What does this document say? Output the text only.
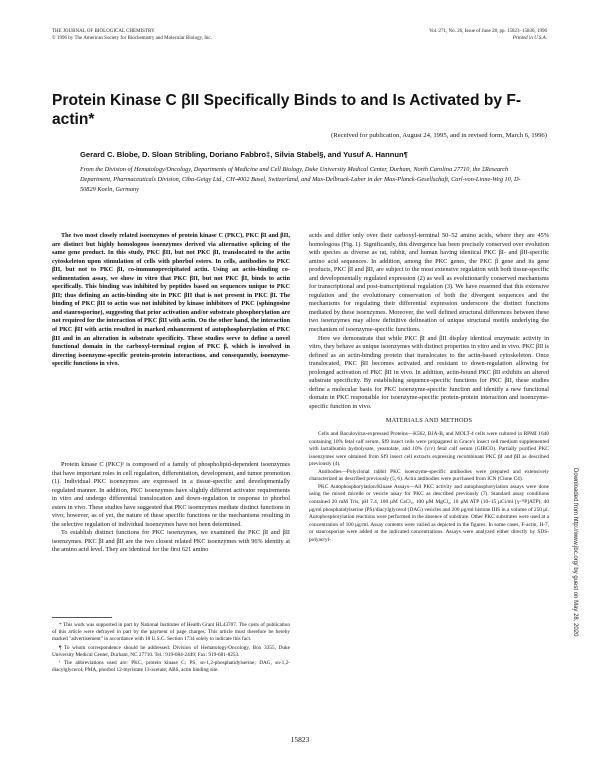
THE JOURNAL OF BIOLOGICAL CHEMISTRY
© 1996 by The American Society for Biochemistry and Molecular Biology, Inc.
Vol. 271, No. 26, Issue of June 28, pp. 15823–15830, 1996
Printed in U.S.A.
Protein Kinase C βII Specifically Binds to and Is Activated by F-actin*
(Received for publication, August 24, 1995, and in revised form, March 6, 1996)
Gerard C. Blobe, D. Sloan Stribling, Doriano Fabbro‡, Silvia Stabel§, and Yusuf A. Hannun¶
From the Division of Hematology/Oncology, Departments of Medicine and Cell Biology, Duke University Medical Center, Durham, North Carolina 27710, the ‡Research Department, Pharmaceuticals Division, Ciba-Geigy Ltd., CH-4002 Basel, Switzerland, and Max-Delbruck-Laber in der Max-Planck-Gesellschaft, Carl-von-Linne-Weg 10, D-50829 Koeln, Germany

The two most closely related isoenzymes of protein kinase C (PKC), PKC βI and βII, are distinct but highly homologous isoenzymes derived via alternative splicing of the same gene product. In this study, PKC βII, but not PKC βI, translocated to the actin cytoskeleton upon stimulation of cells with phorbol esters. In cells, antibodies to PKC βII, but not to PKC βI, co-immunoprecipitated actin. Using an actin-binding co-sedimentation assay, we show in vitro that PKC βII, but not PKC βI, binds to actin specifically. This binding was inhibited by peptides based on sequences unique to PKC βII; thus defining an actin-binding site in PKC βII that is not present in PKC βI. The binding of PKC βII to actin was not inhibited by kinase inhibitors of PKC (sphingosine and staurosporine), suggesting that prior activation and/or substrate phosphorylation are not required for the interaction of PKC βII with actin. On the other hand, the interaction of PKC βII with actin resulted in marked enhancement of autophosphorylation of PKC βII and in an alteration in substrate specificity. These studies serve to define a novel functional domain in the carboxyl-terminal region of PKC β, which is involved in directing isoenzyme-specific protein-protein interactions, and consequently, isoenzyme-specific functions in vivo.

Protein kinase C (PKC)¹ is composed of a family of phospholipid-dependent isoenzymes that have important roles in cell regulation, differentiation, development, and tumor promotion (1). Individual PKC isoenzymes are expressed in a tissue-specific and developmentally regulated manner. In addition, PKC isoenzymes have slightly different activator requirements in vitro and undergo differential translocation and down-regulation in response to phorbol esters in vivo. These studies have suggested that PKC isoenzymes mediate distinct functions in vivo; however, as of yet, the nature of these specific functions or the mechanisms resulting in the selective regulation of individual isoenzymes have not been determined.

To establish distinct functions for PKC isoenzymes, we examined the PKC βI and βII isoenzymes. PKC βI and βII are the two closest related PKC isoenzymes with 96% identity at the amino acid level. They are identical for the first 621 amino

* This work was supported in part by National Institutes of Health Grant HL43707. The costs of publication of this article were defrayed in part by the payment of page charges. This article must therefore be hereby marked "advertisement" in accordance with 18 U.S.C. Section 1734 solely to indicate this fact.

¶ To whom correspondence should be addressed: Division of Hematology/Oncology, Box 3355, Duke University Medical Center, Durham, NC 27710. Tel.: 919-684-2449; Fax: 919-681-8253.

¹ The abbreviations used are: PKC, protein kinase C; PS, sn-1,2-phosphatidylserine; DAG, sn-1,2-diacylglycerol; PMA, phorbol 12-myristate 13-acetate; ABS, actin binding site.

acids and differ only over their carboxyl-terminal 50–52 amino acids, where they are 45% homologous (Fig. 1). Significantly, this divergence has been precisely conserved over evolution with species as diverse as rat, rabbit, and human having identical PKC βI- and βII-specific amino acid sequences. In addition, among the PKC genes, the PKC β gene and its gene products, PKC βI and βII, are subject to the most extensive regulation with both tissue-specific and developmentally regulated expression (2) as well as evolutionarily conserved mechanisms for transcriptional and post-transcriptional regulation (3). We have reasoned that this extensive regulation and the evolutionary conservation of both the divergent sequences and the mechanisms for regulating their differential expression underscore the distinct functions mediated by these isoenzymes. Moreover, the well defined structural differences between these two isoenzymes may allow definitive delineation of unique structural motifs underlying the mechanism of isoenzyme-specific functions.

Here we demonstrate that while PKC βI and βII display identical enzymatic activity in vitro, they behave as unique isoenzymes with distinct properties in vitro and in vivo. PKC βII is defined as an actin-binding protein that translocates to the actin-based cytoskeleton. Once translocated, PKC βII becomes activated and resistant to down-regulation allowing for prolonged activation of PKC βII in vivo. In addition, actin-bound PKC βII exhibits an altered substrate specificity. By establishing sequence-specific functions for PKC βII, these studies define a molecular basis for PKC isoenzyme-specific function and identify a new functional domain in PKC responsible for isoenzyme-specific protein-protein interaction and isoenzyme-specific function in vivo.

MATERIALS AND METHODS

Cells and Baculovirus-expressed Proteins—K562, BJA-B, and MOLT-4 cells were cultured in RPMI 1640 containing 10% fetal calf serum. Sf9 insect cells were propagated in Grace's insect cell medium supplemented with lactalbumin hydrolysate, yeastolate, and 10% (v/v) fetal calf serum (GIBCO). Partially purified PKC isoenzymes were obtained from Sf9 insect cell extracts expressing recombinant PKC βI and βII as described previously (4).

Antibodies—Polyclonal rabbit PKC isoenzyme-specific antibodies were prepared and extensively characterized as described previously (5, 6). Actin antibodies were purchased from ICN (Clone C4).

PKC Autophosphorylation/Kinase Assays—All PKC activity and autophosphorylation assays were done using the mixed micelle or vesicle assay for PKC as described previously (7). Standard assay conditions contained 20 mM Tris, pH 7.4, 100 μM CaCl₂, 100 μM MgCl₂, 10 μM ATP (10–15 μCi/ml [γ-³²P]ATP), 40 μg/ml phosphatidylserine (PS)/diacylglycerol (DAG) vesicles and 200 μg/ml histone IIIS in a volume of 250 μl. Autophosphorylation reactions were performed in the absence of substrate. Other PKC substrates were used at a concentration of 100 μg/ml. Assay contents were varied as depicted in the figures. In some cases, F-actin, H-7, or staurosporine were added at the indicated concentrations. Assays were analyzed either directly by SDS-polyacryl-

15823
Downloaded from http://www.jbc.org/ by guest on May 28, 2020
